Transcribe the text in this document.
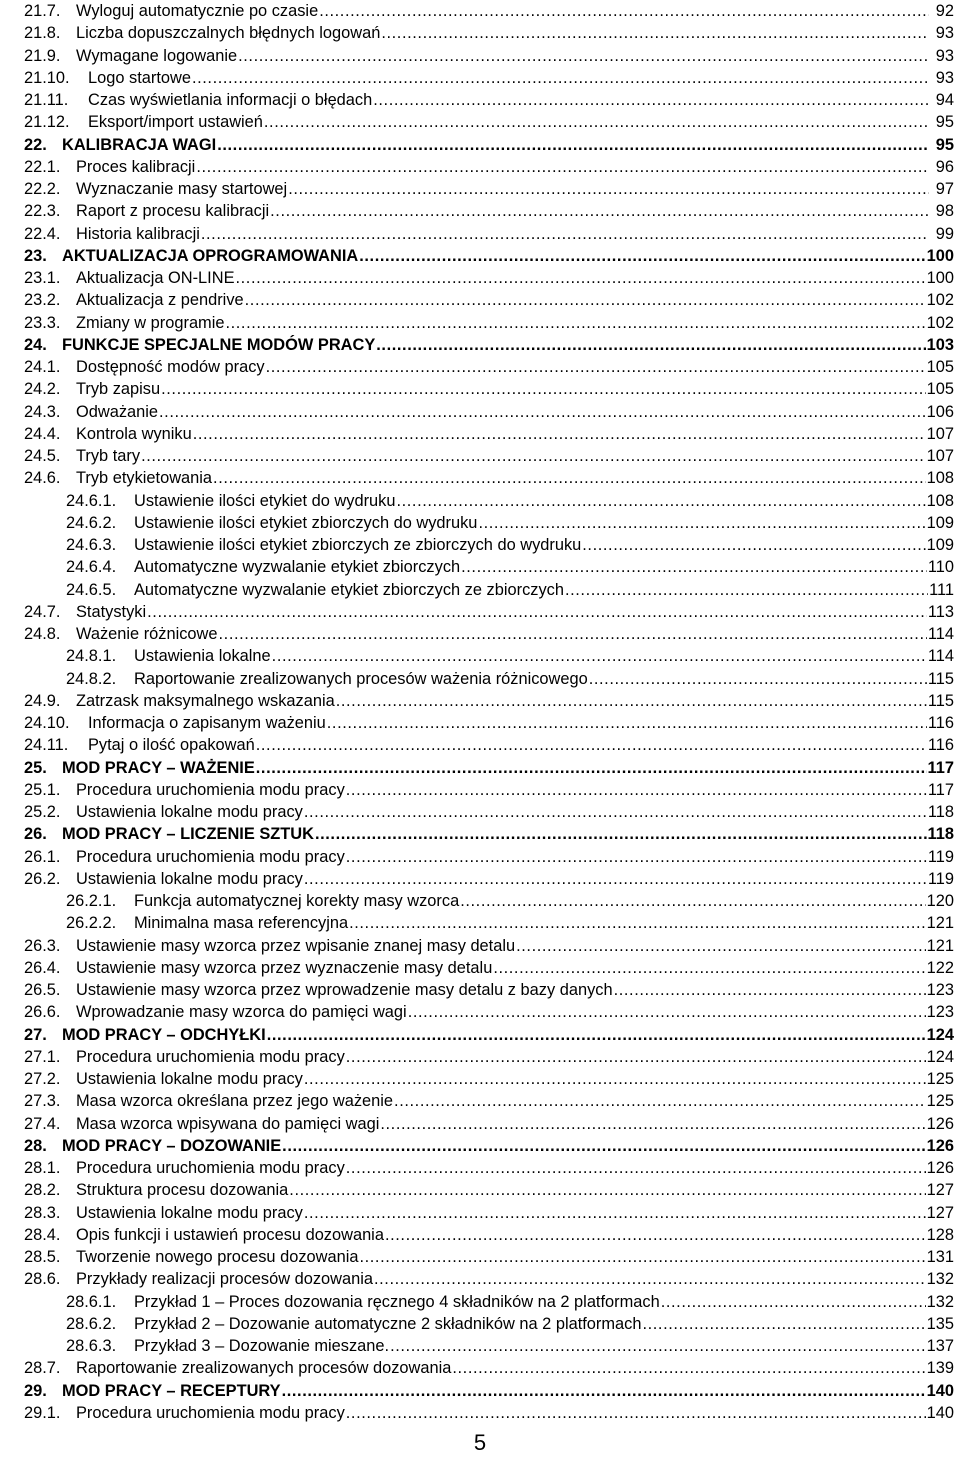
21.7. Wyloguj automatycznie po czasie .....	92
21.8. Liczba dopuszczalnych błędnych logowań .....	93
21.9. Wymagane logowanie .....	93
21.10.	Logo startowe .....	93
21.11.	Czas wyświetlania informacji o błędach .....	94
21.12.	Eksport/import ustawień .....	95
22. KALIBRACJA WAGI .....	95
22.1. Proces kalibracji .....	96
22.2. Wyznaczanie masy startowej .....	97
22.3. Raport z procesu kalibracji .....	98
22.4. Historia kalibracji .....	99
23. AKTUALIZACJA OPROGRAMOWANIA .....	100
23.1. Aktualizacja ON-LINE .....	100
23.2. Aktualizacja z pendrive .....	102
23.3. Zmiany w programie .....	102
24. FUNKCJE SPECJALNE MODÓW PRACY .....	103
24.1. Dostępność modów pracy .....	105
24.2. Tryb zapisu .....	105
24.3. Odważanie .....	106
24.4. Kontrola wyniku .....	107
24.5. Tryb tary .....	107
24.6. Tryb etykietowania .....	108
24.6.1.	Ustawienie ilości etykiet do wydruku .....	108
24.6.2.	Ustawienie ilości etykiet zbiorczych do wydruku .....	109
24.6.3.	Ustawienie ilości etykiet zbiorczych ze zbiorczych do wydruku .....	109
24.6.4.	Automatyczne wyzwalanie etykiet zbiorczych .....	110
24.6.5.	Automatyczne wyzwalanie etykiet zbiorczych ze zbiorczych .....	111
24.7. Statystyki .....	113
24.8. Ważenie różnicowe .....	114
24.8.1.	Ustawienia lokalne .....	114
24.8.2.	Raportowanie zrealizowanych procesów ważenia różnicowego .....	115
24.9. Zatrzask maksymalnego wskazania .....	115
24.10.	Informacja o zapisanym ważeniu .....	116
24.11.	Pytaj o ilość opakowań .....	116
25. MOD PRACY – WAŻENIE .....	117
25.1. Procedura uruchomienia modu pracy .....	117
25.2. Ustawienia lokalne modu pracy .....	118
26. MOD PRACY – LICZENIE SZTUK .....	118
26.1. Procedura uruchomienia modu pracy .....	119
26.2. Ustawienia lokalne modu pracy .....	119
26.2.1.	Funkcja automatycznej korekty masy wzorca .....	120
26.2.2.	Minimalna masa referencyjna .....	121
26.3. Ustawienie masy wzorca przez wpisanie znanej masy detalu .....	121
26.4. Ustawienie masy wzorca przez wyznaczenie masy detalu .....	122
26.5. Ustawienie masy wzorca przez wprowadzenie masy detalu z bazy danych .....	123
26.6. Wprowadzanie masy wzorca do pamięci wagi .....	123
27. MOD PRACY – ODCHYŁKI .....	124
27.1. Procedura uruchomienia modu pracy .....	124
27.2. Ustawienia lokalne modu pracy .....	125
27.3. Masa wzorca określana przez jego ważenie .....	125
27.4. Masa wzorca wpisywana do pamięci wagi .....	126
28. MOD PRACY – DOZOWANIE .....	126
28.1. Procedura uruchomienia modu pracy .....	126
28.2. Struktura procesu dozowania .....	127
28.3. Ustawienia lokalne modu pracy .....	127
28.4. Opis funkcji i ustawień procesu dozowania .....	128
28.5. Tworzenie nowego procesu dozowania .....	131
28.6. Przykłady realizacji procesów dozowania .....	132
28.6.1.	Przykład 1 – Proces dozowania ręcznego 4 składników na 2 platformach .....	132
28.6.2.	Przykład 2 – Dozowanie automatyczne 2 składników na 2 platformach .....	135
28.6.3.	Przykład 3 – Dozowanie mieszane. .....	137
28.7. Raportowanie zrealizowanych procesów dozowania .....	139
29. MOD PRACY – RECEPTURY .....	140
29.1. Procedura uruchomienia modu pracy .....	140
5
